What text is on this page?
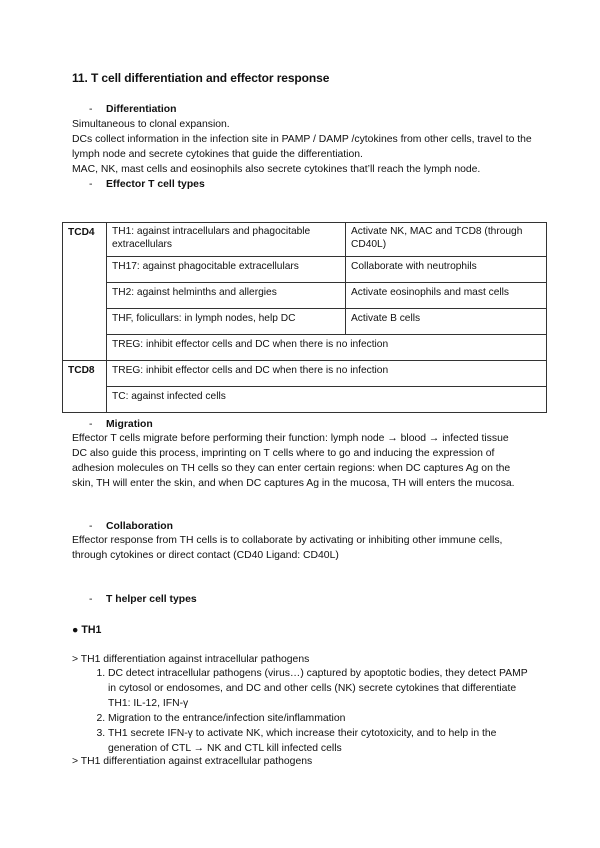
11. T cell differentiation and effector response
- Differentiation

Simultaneous to clonal expansion.

DCs collect information in the infection site in PAMP / DAMP /cytokines from other cells, travel to the lymph node and secrete cytokines that guide the differentiation.

MAC, NK, mast cells and eosinophils also secrete cytokines that’ll reach the lymph node.

- Effector T cell types
TCD4	TH1: against intracellulars and phagocitable extracellulars	Activate NK, MAC and TCD8 (through CD40L)
	TH17: against phagocitable extracellulars	Collaborate with neutrophils
	TH2: against helminths and allergies	Activate eosinophils and mast cells
	THF, folicullars: in lymph nodes, help DC	Activate B cells
	TREG: inhibit effector cells and DC when there is no infection	
TCD8	TREG: inhibit effector cells and DC when there is no infection	
	TC: against infected cells	
- Migration

Effector T cells migrate before performing their function: lymph node → blood → infected tissue

DC also guide this process, imprinting on T cells where to go and inducing the expression of adhesion molecules on TH cells so they can enter certain regions: when DC captures Ag on the skin, TH will enter the skin, and when DC captures Ag in the mucosa, TH will enters the mucosa.

- Collaboration

Effector response from TH cells is to collaborate by activating or inhibiting other immune cells, through cytokines or direct contact (CD40 Ligand: CD40L)

- T helper cell types
● TH1
> TH1 differentiation against intracellular pathogens
1. DC detect intracellular pathogens (virus…) captured by apoptotic bodies, they detect PAMP in cytosol or endosomes, and DC and other cells (NK) secrete cytokines that differentiate TH1: IL-12, IFN-γ
2. Migration to the entrance/infection site/inflammation
3. TH1 secrete IFN-γ to activate NK, which increase their cytotoxicity, and to help in the generation of CTL → NK and CTL kill infected cells
> TH1 differentiation against extracellular pathogens
